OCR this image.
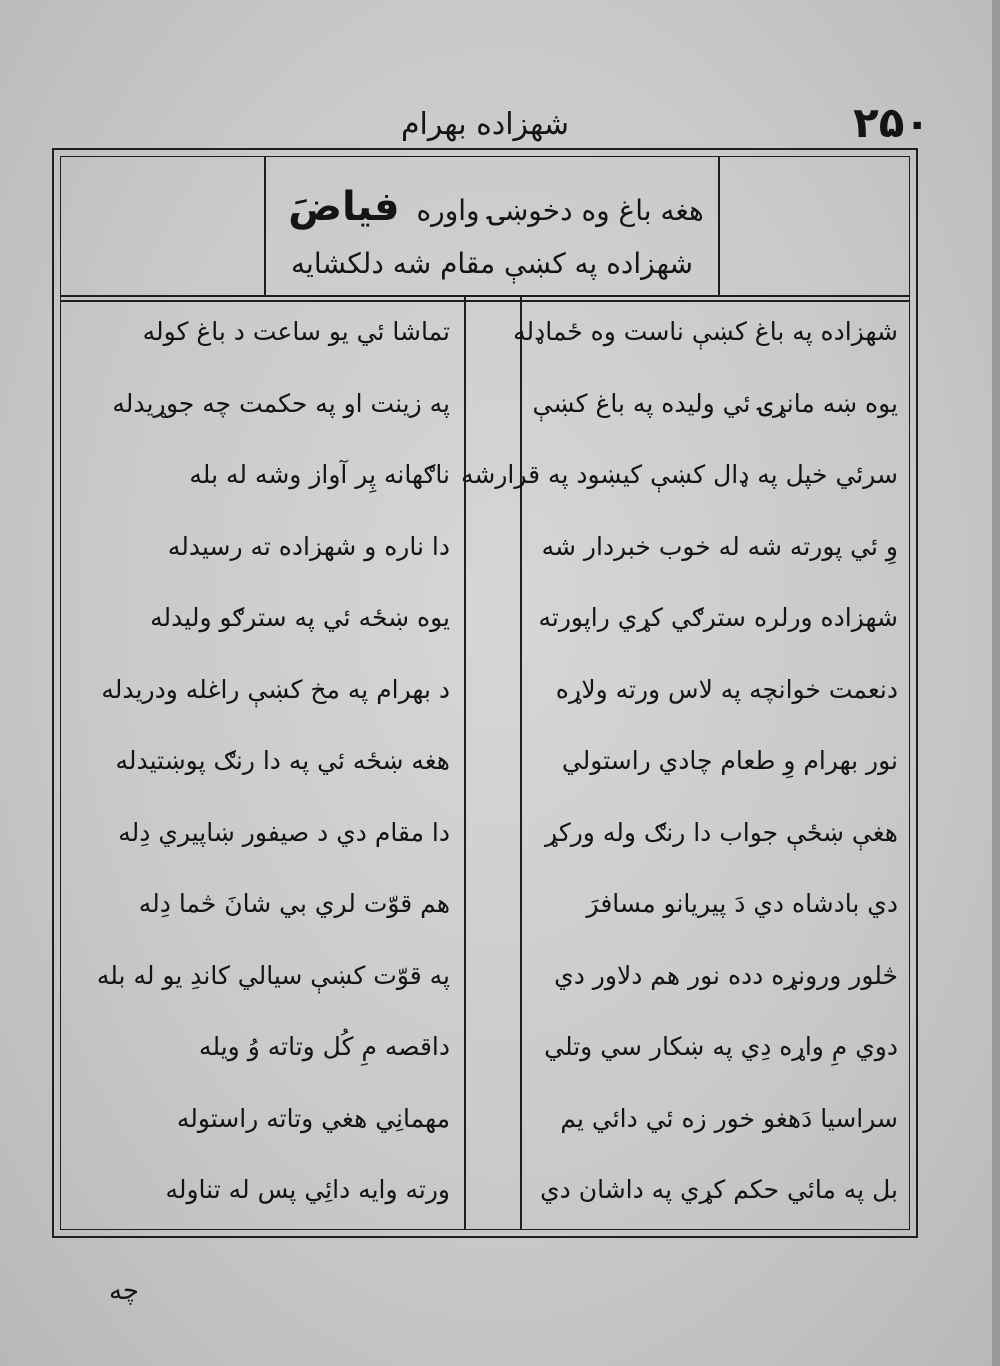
شهزاده بهرام	۲۵۰
هغه باغ وه دخوښۍ واوره فیاضَ
شهزاده په کښې مقام شه دلکشایه
شهزاده په باغ کښې ناست وه ځماډله
یوه ښه مانړۍ ئي ولیده په باغ کښې
سرئي خپل په ډال کښې کیښود په قرارشه
وِ ئي پورته شه له خوب خبردار شه
شهزاده ورلره سترګي کړي راپورته
دنعمت خوانچه په لاس ورته ولاړه
نور بهرام وِ طعام چادي راستولي
هغې ښځې جواب دا رنګ وله ورکړ
دي بادشاه دي دَ پیریانو مسافرَ
څلور ورونړه دده نور هم دلاور دي
دوي مِ واړه دِي په ښکار سي وتلي
سراسیا دَهغو خور زه ئي دائي یم
بل په مائي حکم کړي په داشان دي
تماشا ئي یو ساعت د باغ کوله
په زینت او په حکمت چه جوړیدله
ناګهانه پِر آواز وشه له بله
دا ناره و شهزاده ته رسیدله
یوه ښځه ئي په سترګو ولیدله
د بهرام په مخ کښې راغله ودریدله
هغه ښځه ئي په دا رنګ پوښتیدله
دا مقام دي د صیفور ښاپیري دِله
هم قوّت لري بي شانَ څما دِله
په قوّت کښې سیالي کاندِ یو له بله
داقصه مِ کُل وتاته وُ ویله
مهمانِي هغي وتاته راستوله
ورته وایه دائِي پس له تناوله
چه
